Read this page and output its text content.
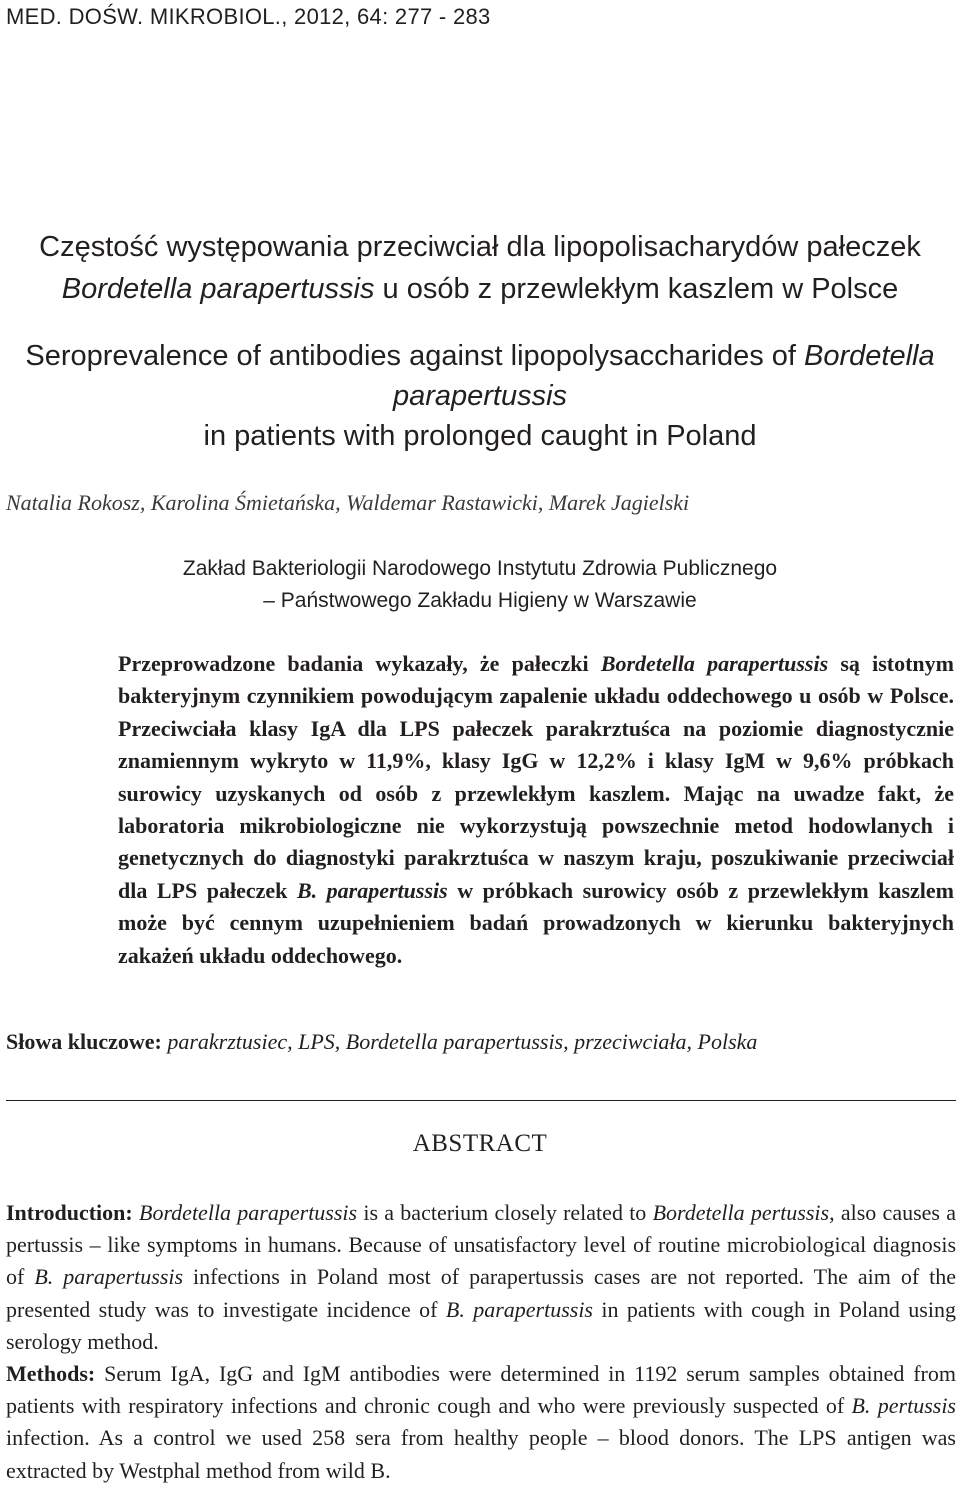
MED. DOŚW. MIKROBIOL., 2012, 64: 277 - 283
Częstość występowania przeciwciał dla lipopolisacharydów pałeczek
Bordetella parapertussis u osób z przewlekłym kaszlem w Polsce
Seroprevalence of antibodies against lipopolysaccharides of Bordetella parapertussis
in patients with prolonged caught in Poland
Natalia Rokosz, Karolina Śmietańska, Waldemar Rastawicki, Marek Jagielski
Zakład Bakteriologii Narodowego Instytutu Zdrowia Publicznego
– Państwowego Zakładu Higieny w Warszawie
Przeprowadzone badania wykazały, że pałeczki Bordetella parapertussis są istotnym bakteryjnym czynnikiem powodującym zapalenie układu oddechowego u osób w Polsce. Przeciwciała klasy IgA dla LPS pałeczek parakrztuśca na poziomie diagnostycznie znamiennym wykryto w 11,9%, klasy IgG w 12,2% i klasy IgM w 9,6% próbkach surowicy uzyskanych od osób z przewlekłym kaszlem. Mając na uwadze fakt, że laboratoria mikrobiologiczne nie wykorzystują powszechnie metod hodowlanych i genetycznych do diagnostyki parakrztuśca w naszym kraju, poszukiwanie przeciwciał dla LPS pałeczek B. parapertussis w próbkach surowicy osób z przewlekłym kaszlem może być cennym uzupełnieniem badań prowadzonych w kierunku bakteryjnych zakażeń układu oddechowego.
Słowa kluczowe: parakrztusiec, LPS, Bordetella parapertussis, przeciwciała, Polska
ABSTRACT

Introduction: Bordetella parapertussis is a bacterium closely related to Bordetella pertussis, also causes a pertussis – like symptoms in humans. Because of unsatisfactory level of routine microbiological diagnosis of B. parapertussis infections in Poland most of parapertussis cases are not reported. The aim of the presented study was to investigate incidence of B. parapertussis in patients with cough in Poland using serology method.

Methods: Serum IgA, IgG and IgM antibodies were determined in 1192 serum samples obtained from patients with respiratory infections and chronic cough and who were previously suspected of B. pertussis infection. As a control we used 258 sera from healthy people – blood donors. The LPS antigen was extracted by Westphal method from wild B.
